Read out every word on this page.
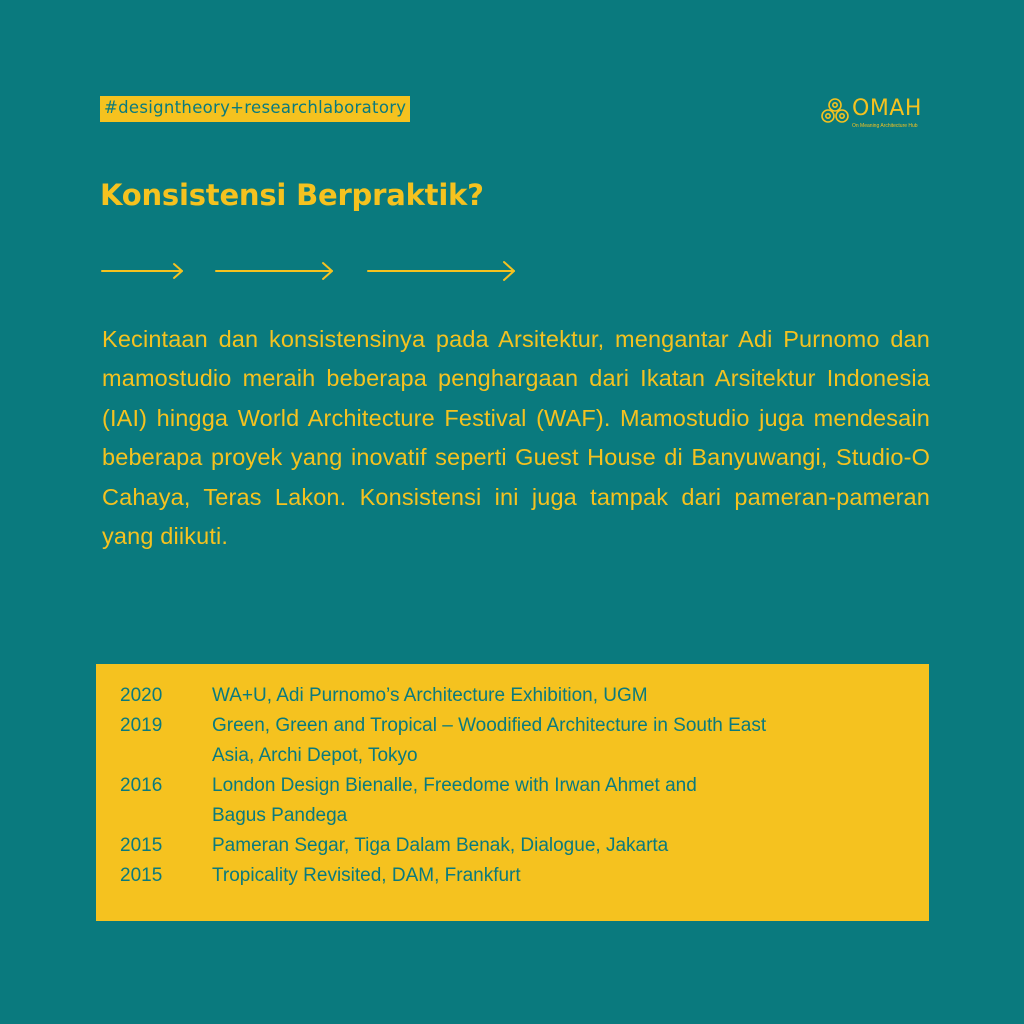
#designtheory+researchlaboratory	OMAH
On Meaning Architecture Hub
Konsistensi Berpraktik?

Kecintaan dan konsistensinya pada Arsitektur, mengantar Adi Purnomo dan mamostudio meraih beberapa penghargaan dari Ikatan Arsitektur Indonesia (IAI) hingga World Architecture Festival (WAF). Mamostudio juga mendesain beberapa proyek yang inovatif seperti Guest House di Banyuwangi, Studio-O Cahaya, Teras Lakon. Konsistensi ini juga tampak dari pameran-pameran yang diikuti.

2020	WA+U, Adi Purnomo’s Architecture Exhibition, UGM
2019	Green, Green and Tropical – Woodified Architecture in South East
Asia, Archi Depot, Tokyo
2016	London Design Bienalle, Freedome with Irwan Ahmet and
Bagus Pandega
2015	Pameran Segar, Tiga Dalam Benak, Dialogue, Jakarta
2015	Tropicality Revisited, DAM, Frankfurt
